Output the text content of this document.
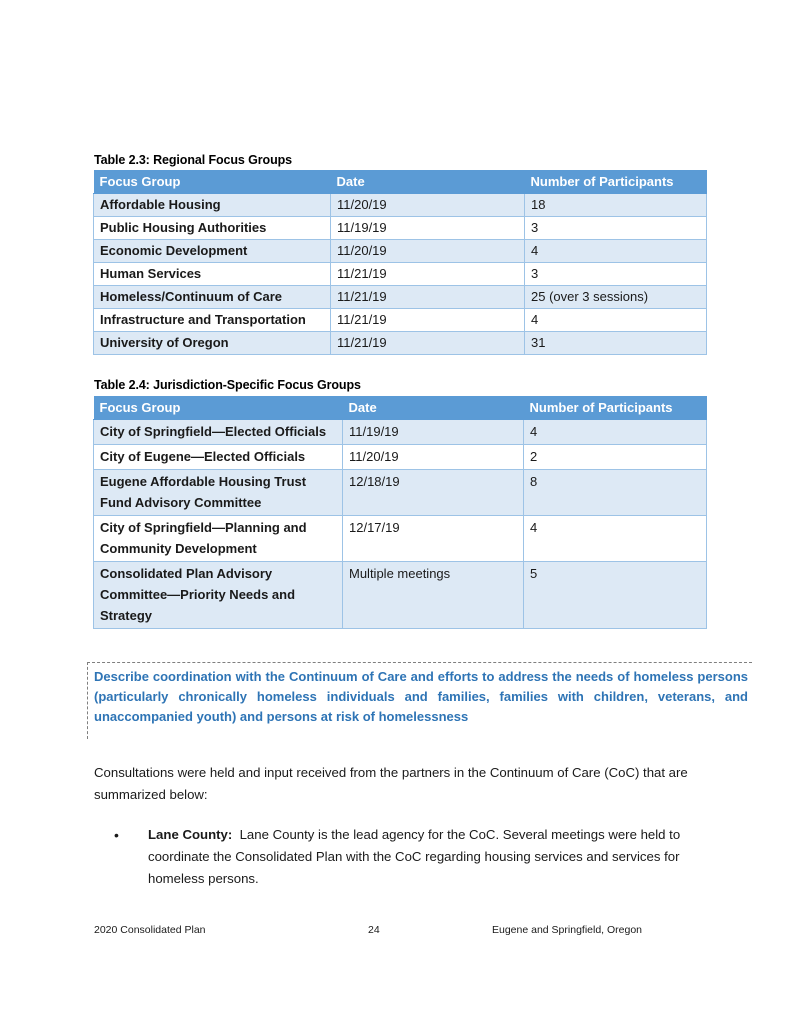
Table 2.3: Regional Focus Groups
Focus Group	Date	Number of Participants
Affordable Housing	11/20/19	18
Public Housing Authorities	11/19/19	3
Economic Development	11/20/19	4
Human Services	11/21/19	3
Homeless/Continuum of Care	11/21/19	25 (over 3 sessions)
Infrastructure and Transportation	11/21/19	4
University of Oregon	11/21/19	31
Table 2.4: Jurisdiction-Specific Focus Groups
Focus Group	Date	Number of Participants
City of Springfield—Elected Officials	11/19/19	4
City of Eugene—Elected Officials	11/20/19	2
Eugene Affordable Housing Trust Fund Advisory Committee	12/18/19	8
City of Springfield—Planning and Community Development	12/17/19	4
Consolidated Plan Advisory Committee—Priority Needs and Strategy	Multiple meetings	5
Describe coordination with the Continuum of Care and efforts to address the needs of homeless persons (particularly chronically homeless individuals and families, families with children, veterans, and unaccompanied youth) and persons at risk of homelessness
Consultations were held and input received from the partners in the Continuum of Care (CoC) that are summarized below:
•	Lane County: Lane County is the lead agency for the CoC. Several meetings were held to coordinate the Consolidated Plan with the CoC regarding housing services and services for homeless persons.
2020 Consolidated Plan	24	Eugene and Springfield, Oregon
